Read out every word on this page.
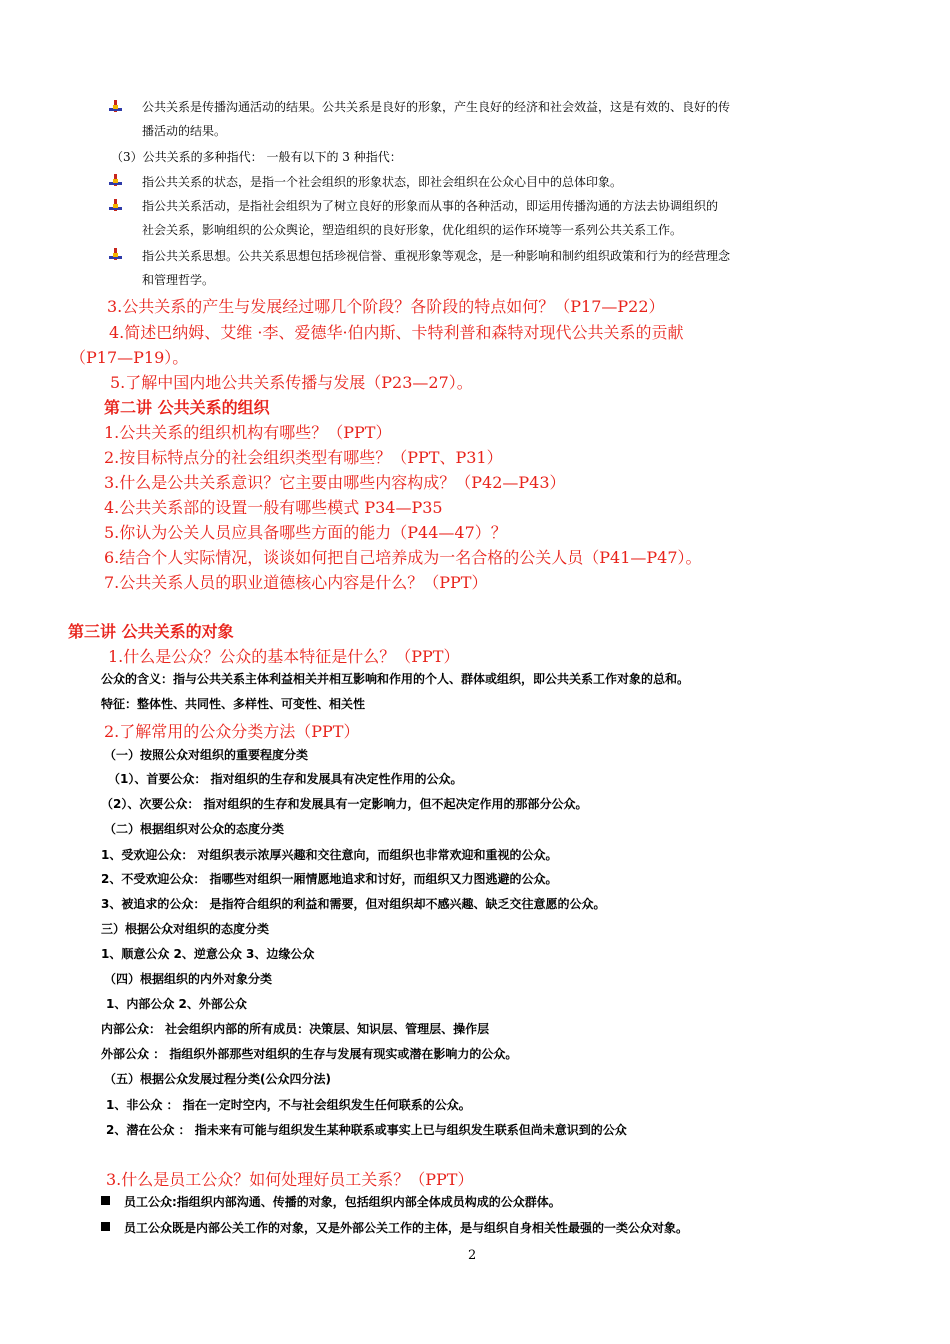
公共关系是传播沟通活动的结果。公共关系是良好的形象，产生良好的经济和社会效益，这是有效的、良好的传
播活动的结果。
（3）公共关系的多种指代： 一般有以下的 3 种指代：
指公共关系的状态，是指一个社会组织的形象状态，即社会组织在公众心目中的总体印象。
指公共关系活动，是指社会组织为了树立良好的形象而从事的各种活动，即运用传播沟通的方法去协调组织的
社会关系，影响组织的公众舆论，塑造组织的良好形象，优化组织的运作环境等一系列公共关系工作。
指公共关系思想。公共关系思想包括珍视信誉、重视形象等观念，是一种影响和制约组织政策和行为的经营理念
和管理哲学。
3.公共关系的产生与发展经过哪几个阶段？各阶段的特点如何？（P17—P22）
4.简述巴纳姆、艾维 ·李、爱德华·伯内斯、卡特利普和森特对现代公共关系的贡献
（P17—P19）。
5.了解中国内地公共关系传播与发展（P23—27）。
第二讲 公共关系的组织
1.公共关系的组织机构有哪些？（PPT）
2.按目标特点分的社会组织类型有哪些？（PPT、P31）
3.什么是公共关系意识？它主要由哪些内容构成？（P42—P43）
4.公共关系部的设置一般有哪些模式 P34—P35
5.你认为公关人员应具备哪些方面的能力（P44—47）？
6.结合个人实际情况，谈谈如何把自己培养成为一名合格的公关人员（P41—P47）。
7.公共关系人员的职业道德核心内容是什么？（PPT）
第三讲 公共关系的对象
1.什么是公众？公众的基本特征是什么？（PPT）
公众的含义：指与公共关系主体利益相关并相互影响和作用的个人、群体或组织，即公共关系工作对象的总和。
特征：整体性、共同性、多样性、可变性、相关性
2.了解常用的公众分类方法（PPT）
（一）按照公众对组织的重要程度分类
（1）、首要公众： 指对组织的生存和发展具有决定性作用的公众。
（2）、次要公众： 指对组织的生存和发展具有一定影响力，但不起决定作用的那部分公众。
（二）根据组织对公众的态度分类
1、受欢迎公众： 对组织表示浓厚兴趣和交往意向，而组织也非常欢迎和重视的公众。
2、不受欢迎公众： 指哪些对组织一厢情愿地追求和讨好，而组织又力图逃避的公众。
3、被追求的公众： 是指符合组织的利益和需要，但对组织却不感兴趣、缺乏交往意愿的公众。
三）根据公众对组织的态度分类
1、顺意公众 2、逆意公众 3、边缘公众
（四）根据组织的内外对象分类
1、内部公众 2、外部公众
内部公众： 社会组织内部的所有成员：决策层、知识层、管理层、操作层
外部公众 ： 指组织外部那些对组织的生存与发展有现实或潜在影响力的公众。
（五）根据公众发展过程分类(公众四分法)
1、非公众 ： 指在一定时空内，不与社会组织发生任何联系的公众。
2、潜在公众 ： 指未来有可能与组织发生某种联系或事实上已与组织发生联系但尚未意识到的公众
3.什么是员工公众？如何处理好员工关系？（PPT）
员工公众:指组织内部沟通、传播的对象，包括组织内部全体成员构成的公众群体。
员工公众既是内部公关工作的对象，又是外部公关工作的主体，是与组织自身相关性最强的一类公众对象。
2
